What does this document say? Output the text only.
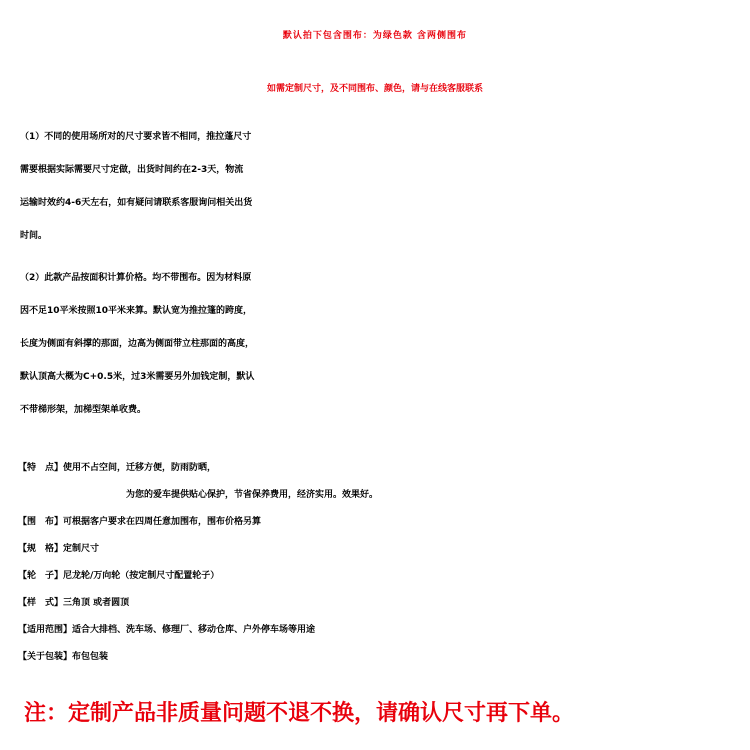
默认拍下包含围布：为绿色款 含两侧围布
如需定制尺寸，及不同围布、颜色，请与在线客服联系
（1）不同的使用场所对的尺寸要求皆不相同，推拉蓬尺寸
需要根据实际需要尺寸定做，出货时间约在2-3天，物流
运输时效约4-6天左右，如有疑问请联系客服询问相关出货
时间。
（2）此款产品按面积计算价格。均不带围布。因为材料原
因不足10平米按照10平米来算。默认宽为推拉篷的跨度，
长度为侧面有斜撑的那面，边高为侧面带立柱那面的高度，
默认顶高大概为C+0.5米，过3米需要另外加钱定制，默认
不带梯形架，加梯型架单收费。
【特　点】使用不占空间，迁移方便，防雨防晒，
为您的爱车提供贴心保护，节省保养费用，经济实用。效果好。
【围　布】可根据客户要求在四周任意加围布，围布价格另算
【规　格】定制尺寸
【轮　子】尼龙轮/万向轮（按定制尺寸配置轮子）
【样　式】三角顶 或者圆顶
【适用范围】适合大排档、洗车场、修理厂、移动仓库、户外停车场等用途
【关于包装】布包包装
注：定制产品非质量问题不退不换，请确认尺寸再下单。
